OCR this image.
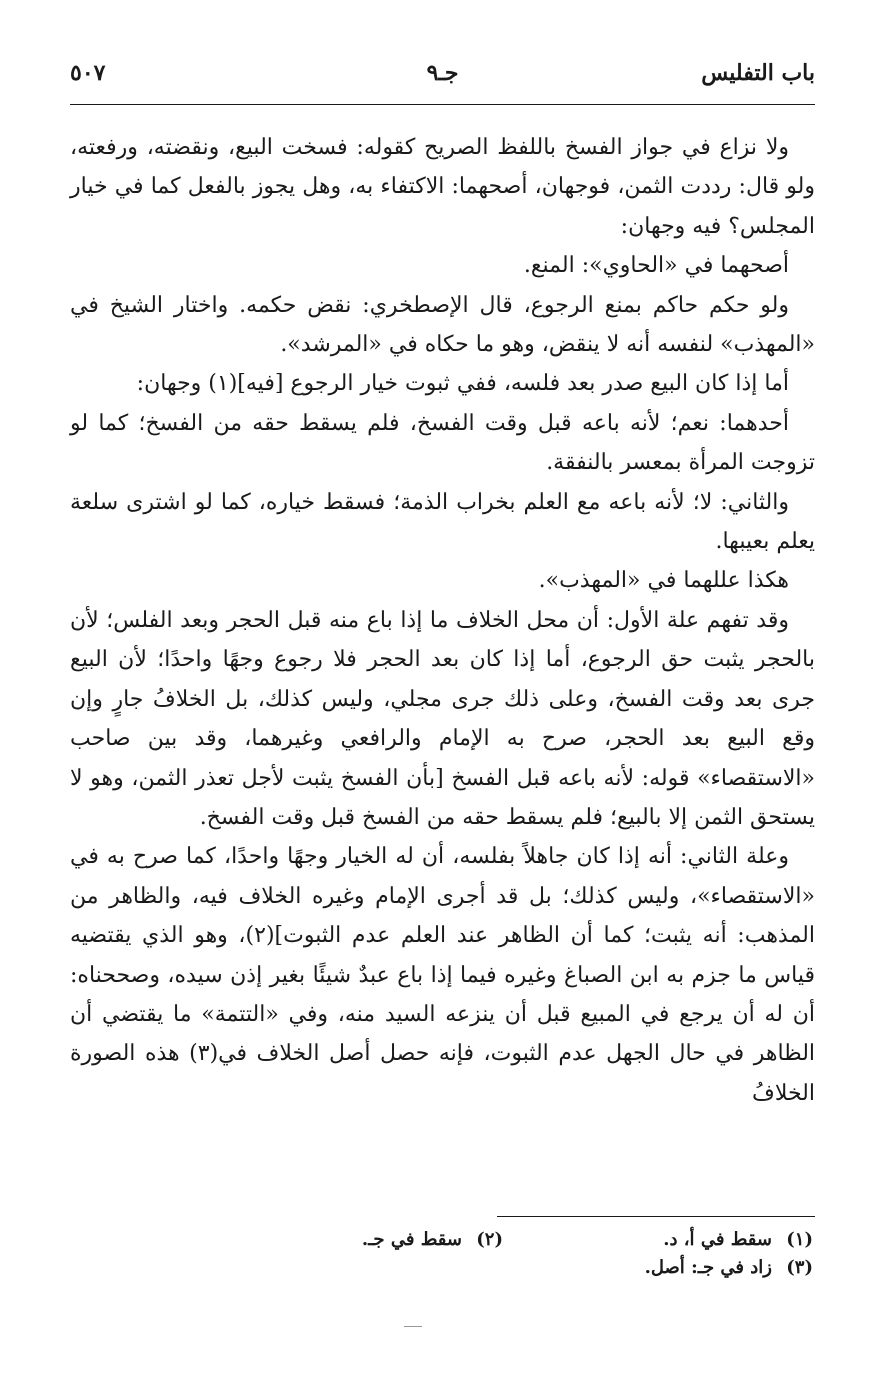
باب التفليس
جـ٩
٥٠٧

ولا نزاع في جواز الفسخ باللفظ الصريح كقوله: فسخت البيع، ونقضته، ورفعته، ولو قال: رددت الثمن، فوجهان، أصحهما: الاكتفاء به، وهل يجوز بالفعل كما في خيار المجلس؟ فيه وجهان:

أصحهما في «الحاوي»: المنع.

ولو حكم حاكم بمنع الرجوع، قال الإصطخري: نقض حكمه. واختار الشيخ في «المهذب» لنفسه أنه لا ينقض، وهو ما حكاه في «المرشد».

أما إذا كان البيع صدر بعد فلسه، ففي ثبوت خيار الرجوع [فيه](١) وجهان:

أحدهما: نعم؛ لأنه باعه قبل وقت الفسخ، فلم يسقط حقه من الفسخ؛ كما لو تزوجت المرأة بمعسر بالنفقة.

والثاني: لا؛ لأنه باعه مع العلم بخراب الذمة؛ فسقط خياره، كما لو اشترى سلعة يعلم بعيبها.

هكذا عللهما في «المهذب».

وقد تفهم علة الأول: أن محل الخلاف ما إذا باع منه قبل الحجر وبعد الفلس؛ لأن بالحجر يثبت حق الرجوع، أما إذا كان بعد الحجر فلا رجوع وجهًا واحدًا؛ لأن البيع جرى بعد وقت الفسخ، وعلى ذلك جرى مجلي، وليس كذلك، بل الخلافُ جارٍ وإن وقع البيع بعد الحجر، صرح به الإمام والرافعي وغيرهما، وقد بين صاحب «الاستقصاء» قوله: لأنه باعه قبل الفسخ [بأن الفسخ يثبت لأجل تعذر الثمن، وهو لا يستحق الثمن إلا بالبيع؛ فلم يسقط حقه من الفسخ قبل وقت الفسخ.

وعلة الثاني: أنه إذا كان جاهلاً بفلسه، أن له الخيار وجهًا واحدًا، كما صرح به في «الاستقصاء»، وليس كذلك؛ بل قد أجرى الإمام وغيره الخلاف فيه، والظاهر من المذهب: أنه يثبت؛ كما أن الظاهر عند العلم عدم الثبوت](٢)، وهو الذي يقتضيه قياس ما جزم به ابن الصباغ وغيره فيما إذا باع عبدٌ شيئًا بغير إذن سيده، وصححناه: أن له أن يرجع في المبيع قبل أن ينزعه السيد منه، وفي «التتمة» ما يقتضي أن الظاهر في حال الجهل عدم الثبوت، فإنه حصل أصل الخلاف في(٣) هذه الصورة الخلافُ

(١) سقط في أ، د.
(٢) سقط في جـ.
(٣) زاد في جـ: أصل.
